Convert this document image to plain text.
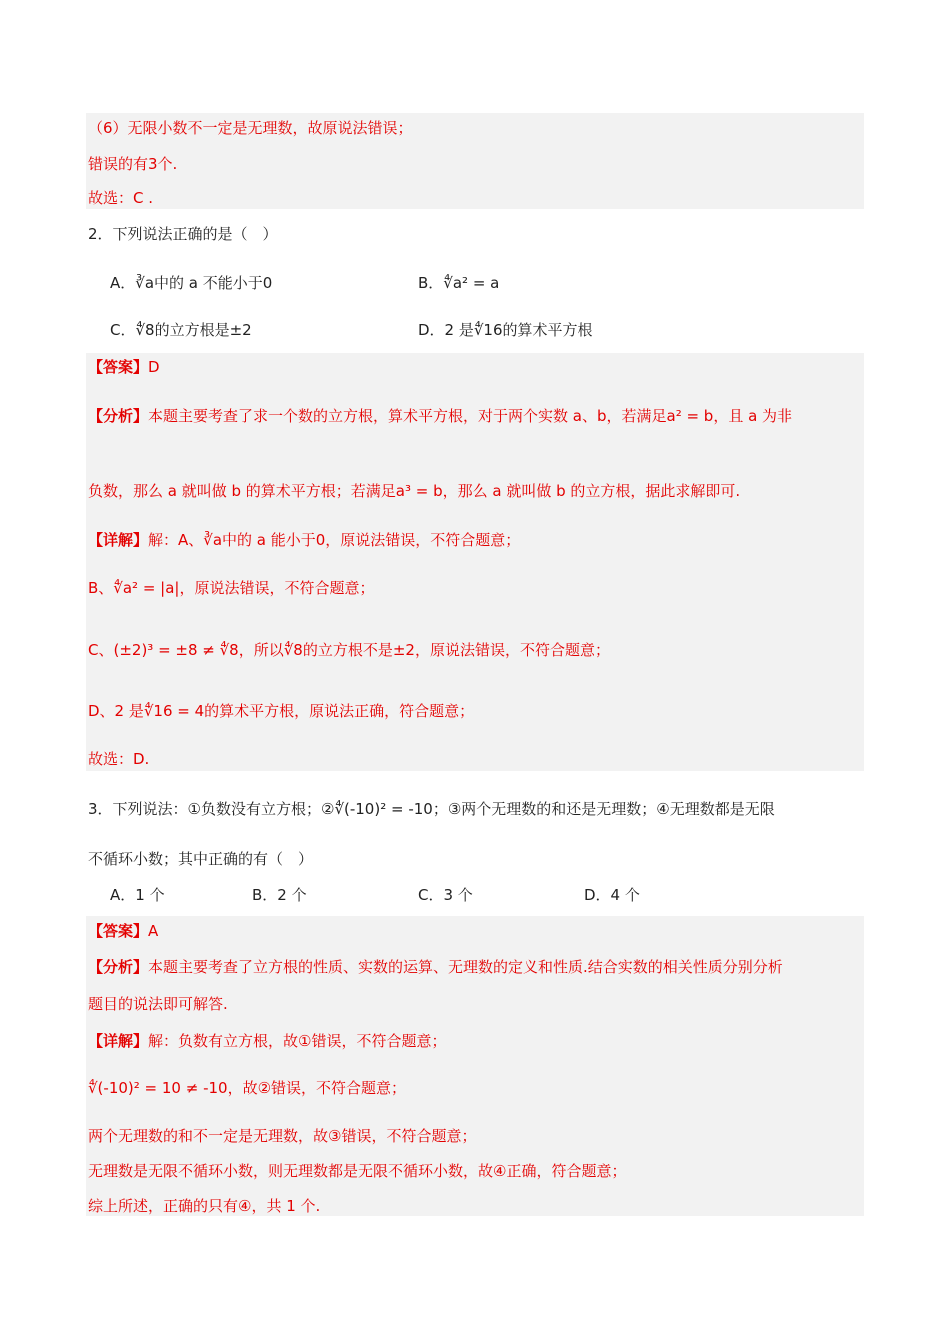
（6）无限小数不一定是无理数，故原说法错误；
错误的有3个.
故选：C .
2．下列说法正确的是（　）
A．∛a中的 a 不能小于0	B．∜a² = a
C．∜8的立方根是±2	D．2 是∜16的算术平方根
【答案】D
【分析】本题主要考查了求一个数的立方根，算术平方根，对于两个实数 a、b，若满足a² = b，且 a 为非
负数，那么 a 就叫做 b 的算术平方根；若满足a³ = b，那么 a 就叫做 b 的立方根，据此求解即可.
【详解】解：A、∛a中的 a 能小于0，原说法错误，不符合题意；
B、∜a² = |a|，原说法错误，不符合题意；
C、(±2)³ = ±8 ≠ ∜8，所以∜8的立方根不是±2，原说法错误，不符合题意；
D、2 是∜16 = 4的算术平方根，原说法正确，符合题意；
故选：D.
3．下列说法：①负数没有立方根；②∜(-10)² = -10；③两个无理数的和还是无理数；④无理数都是无限
不循环小数；其中正确的有（　）
A．1 个	B．2 个	C．3 个	D．4 个
【答案】A
【分析】本题主要考查了立方根的性质、实数的运算、无理数的定义和性质.结合实数的相关性质分别分析
题目的说法即可解答.
【详解】解：负数有立方根，故①错误，不符合题意；
∜(-10)² = 10 ≠ -10，故②错误，不符合题意；
两个无理数的和不一定是无理数，故③错误，不符合题意；
无理数是无限不循环小数，则无理数都是无限不循环小数，故④正确，符合题意；
综上所述，正确的只有④，共 1 个.
